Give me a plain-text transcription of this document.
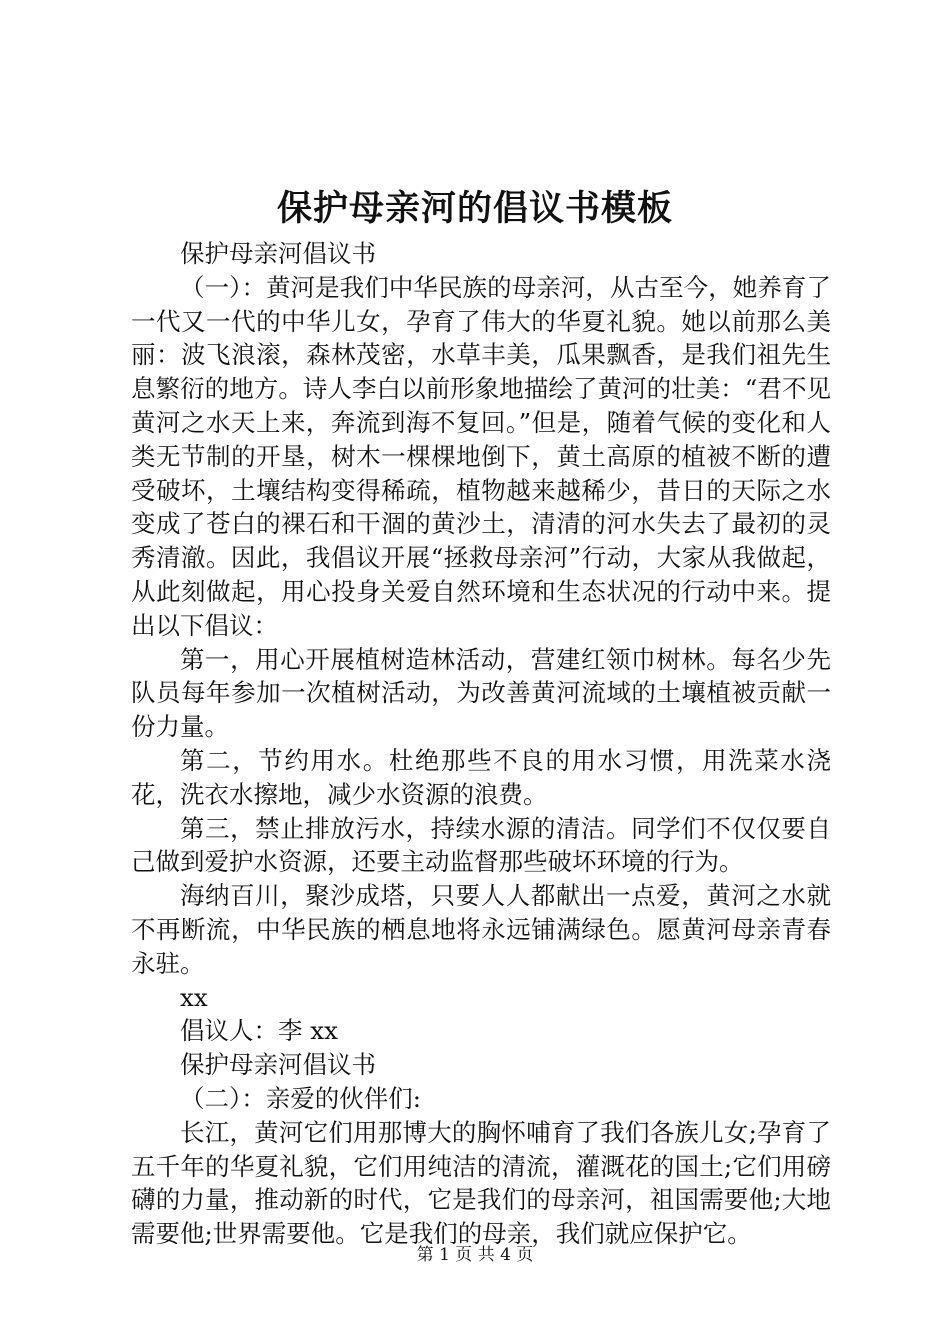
保护母亲河的倡议书模板

保护母亲河倡议书

（一）：黄河是我们中华民族的母亲河，从古至今，她养育了一代又一代的中华儿女，孕育了伟大的华夏礼貌。她以前那么美丽：波飞浪滚，森林茂密，水草丰美，瓜果飘香，是我们祖先生息繁衍的地方。诗人李白以前形象地描绘了黄河的壮美：“君不见黄河之水天上来，奔流到海不复回。”但是，随着气候的变化和人类无节制的开垦，树木一棵棵地倒下，黄土高原的植被不断的遭受破坏，土壤结构变得稀疏，植物越来越稀少，昔日的天际之水变成了苍白的裸石和干涸的黄沙土，清清的河水失去了最初的灵秀清澈。因此，我倡议开展“拯救母亲河”行动，大家从我做起，从此刻做起，用心投身关爱自然环境和生态状况的行动中来。提出以下倡议：

第一，用心开展植树造林活动，营建红领巾树林。每名少先队员每年参加一次植树活动，为改善黄河流域的土壤植被贡献一份力量。

第二，节约用水。杜绝那些不良的用水习惯，用洗菜水浇花，洗衣水擦地，减少水资源的浪费。

第三，禁止排放污水，持续水源的清洁。同学们不仅仅要自己做到爱护水资源，还要主动监督那些破坏环境的行为。

海纳百川，聚沙成塔，只要人人都献出一点爱，黄河之水就不再断流，中华民族的栖息地将永远铺满绿色。愿黄河母亲青春永驻。

xx

倡议人：李 xx

保护母亲河倡议书

（二）：亲爱的伙伴们:

长江，黄河它们用那博大的胸怀哺育了我们各族儿女;孕育了五千年的华夏礼貌，它们用纯洁的清流，灌溉花的国土;它们用磅礴的力量，推动新的时代，它是我们的母亲河，祖国需要他;大地需要他;世界需要他。它是我们的母亲，我们就应保护它。

第 1 页 共 4 页
